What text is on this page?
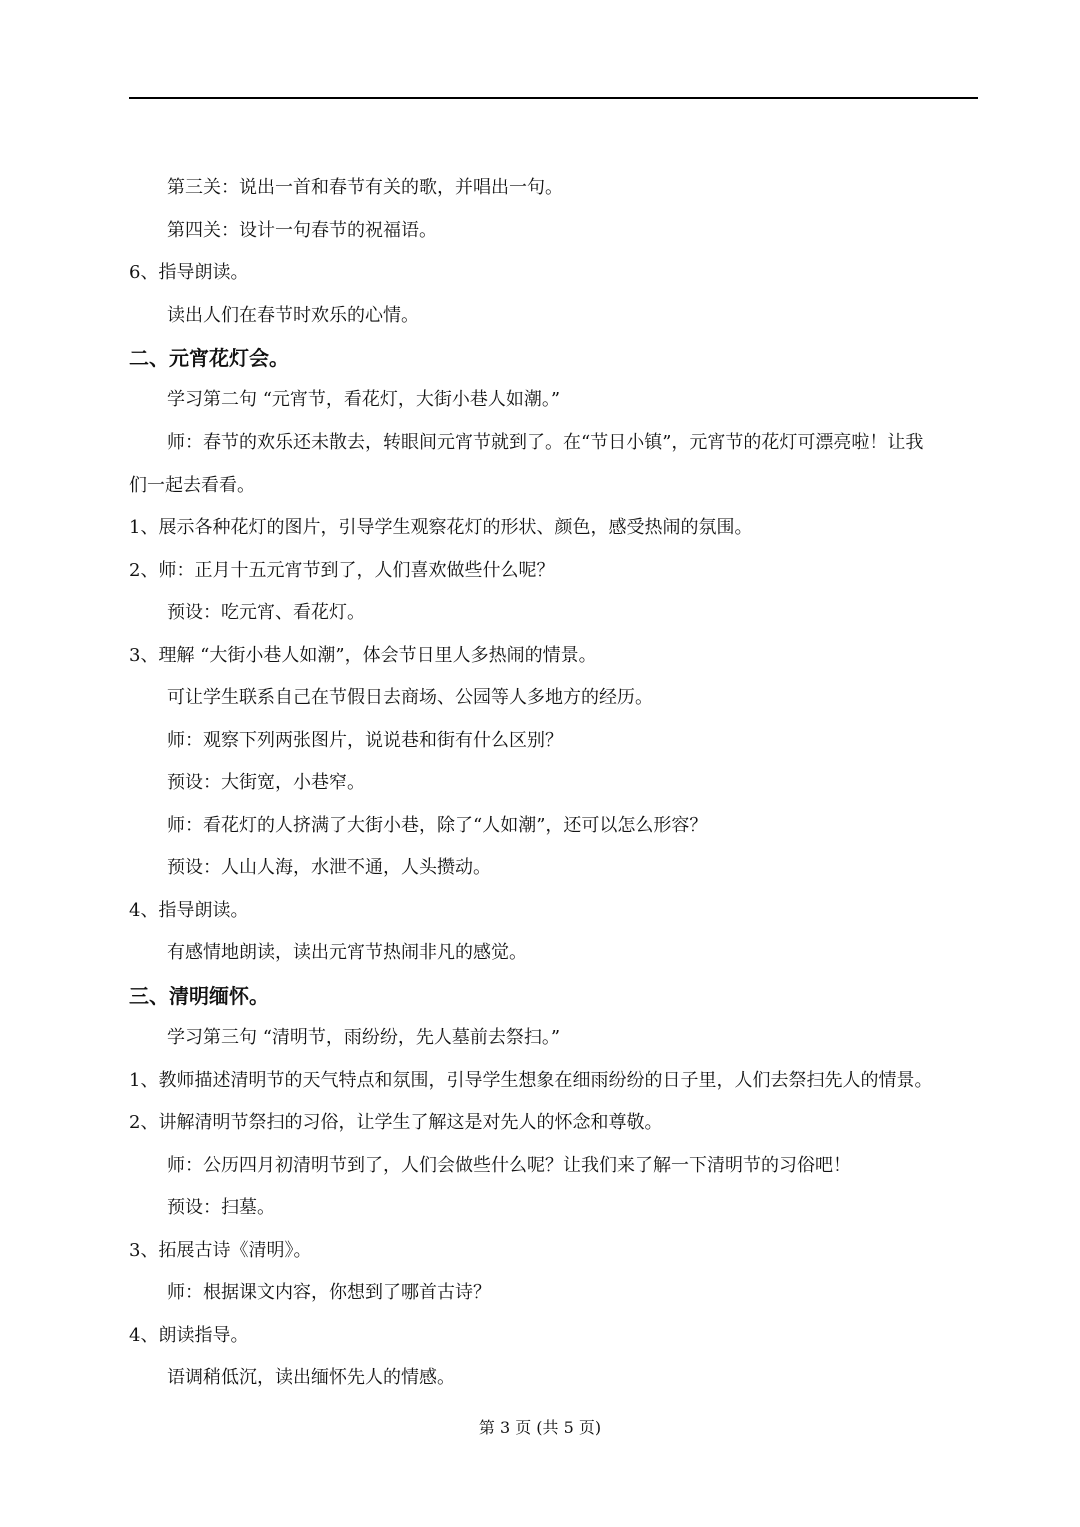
第三关：说出一首和春节有关的歌，并唱出一句。
第四关：设计一句春节的祝福语。
6、指导朗读。
读出人们在春节时欢乐的心情。
二、元宵花灯会。
学习第二句 “元宵节，看花灯，大街小巷人如潮。”
师：春节的欢乐还未散去，转眼间元宵节就到了。在“节日小镇”，元宵节的花灯可漂亮啦！让我
们一起去看看。
1、展示各种花灯的图片，引导学生观察花灯的形状、颜色，感受热闹的氛围。
2、师：正月十五元宵节到了，人们喜欢做些什么呢？
预设：吃元宵、看花灯。
3、理解 “大街小巷人如潮”，体会节日里人多热闹的情景。
可让学生联系自己在节假日去商场、公园等人多地方的经历。
师：观察下列两张图片，说说巷和街有什么区别？
预设：大街宽，小巷窄。
师：看花灯的人挤满了大街小巷，除了“人如潮”，还可以怎么形容？
预设：人山人海，水泄不通，人头攒动。
4、指导朗读。
有感情地朗读，读出元宵节热闹非凡的感觉。
三、清明缅怀。
学习第三句 “清明节，雨纷纷，先人墓前去祭扫。”
1、教师描述清明节的天气特点和氛围，引导学生想象在细雨纷纷的日子里，人们去祭扫先人的情景。
2、讲解清明节祭扫的习俗，让学生了解这是对先人的怀念和尊敬。
师：公历四月初清明节到了，人们会做些什么呢？让我们来了解一下清明节的习俗吧！
预设：扫墓。
3、拓展古诗《清明》。
师：根据课文内容，你想到了哪首古诗？
4、朗读指导。
语调稍低沉，读出缅怀先人的情感。
第 3 页 (共 5 页)
